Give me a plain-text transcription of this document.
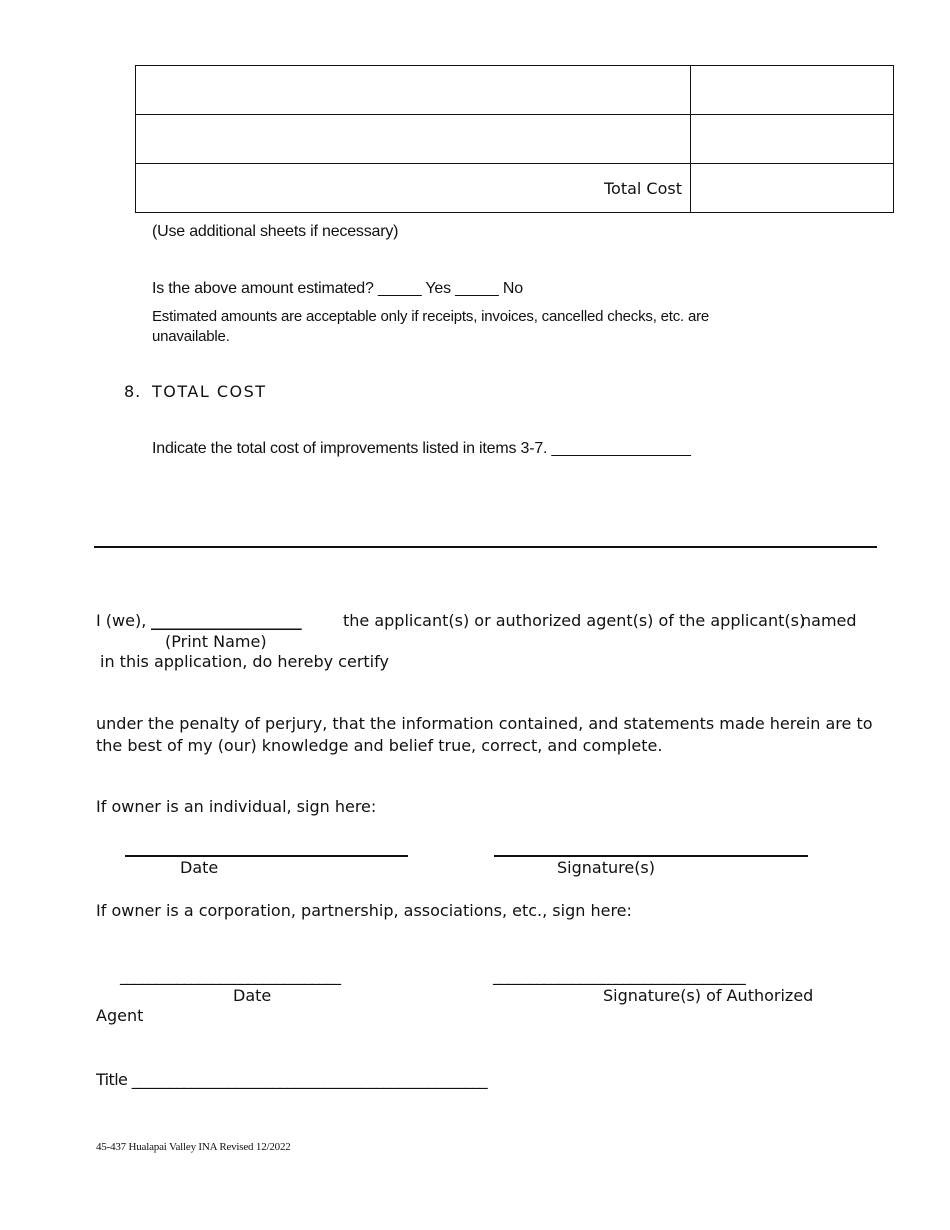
Total Cost	
(Use additional sheets if necessary)
Is the above amount estimated? _____ Yes _____ No
Estimated amounts are acceptable only if receipts, invoices, cancelled checks, etc. are
unavailable.
8. TOTAL COST
Indicate the total cost of improvements listed in items 3-7. ________________
I (we), ______________________	the applicant(s) or authorized agent(s) of the applicant(s)
named
(Print Name)
in this application, do hereby certify
under the penalty of perjury, that the information contained, and statements made herein are to
the best of my (our) knowledge and belief true, correct, and complete.
If owner is an individual, sign here:
Date	Signature(s)
If owner is a corporation, partnership, associations, etc., sign here:
_______________________________	___________________________________
Date	Signature(s) of Authorized
Agent
Title ________________________________________________
45-437 Hualapai Valley INA Revised 12/2022
